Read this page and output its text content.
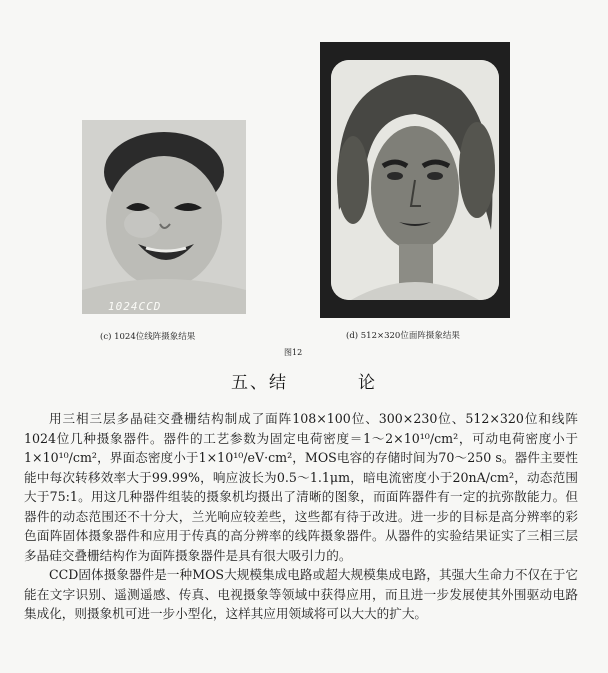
1024CCD
(c) 1024位线阵摄象结果	(d) 512×320位面阵摄象结果
图12
五、结	论

用三相三层多晶硅交叠栅结构制成了面阵108×100位、300×230位、512×320位和线阵1024位几种摄象器件。器件的工艺参数为固定电荷密度＝1～2×10¹⁰/cm²，可动电荷密度小于1×10¹⁰/cm²，界面态密度小于1×10¹⁰/eV·cm²，MOS电容的存储时间为70～250 s。器件主要性能中每次转移效率大于99.99%，响应波长为0.5～1.1μm，暗电流密度小于20nA/cm²，动态范围大于75:1。用这几种器件组装的摄象机均摄出了清晰的图象，而面阵器件有一定的抗弥散能力。但器件的动态范围还不十分大，兰光响应较差些，这些都有待于改进。进一步的目标是高分辨率的彩色面阵固体摄象器件和应用于传真的高分辨率的线阵摄象器件。从器件的实验结果证实了三相三层多晶硅交叠栅结构作为面阵摄象器件是具有很大吸引力的。

CCD固体摄象器件是一种MOS大规模集成电路或超大规模集成电路，其强大生命力不仅在于它能在文字识别、遥测遥感、传真、电视摄象等领域中获得应用，而且进一步发展使其外围驱动电路集成化，则摄象机可进一步小型化，这样其应用领域将可以大大的扩大。
